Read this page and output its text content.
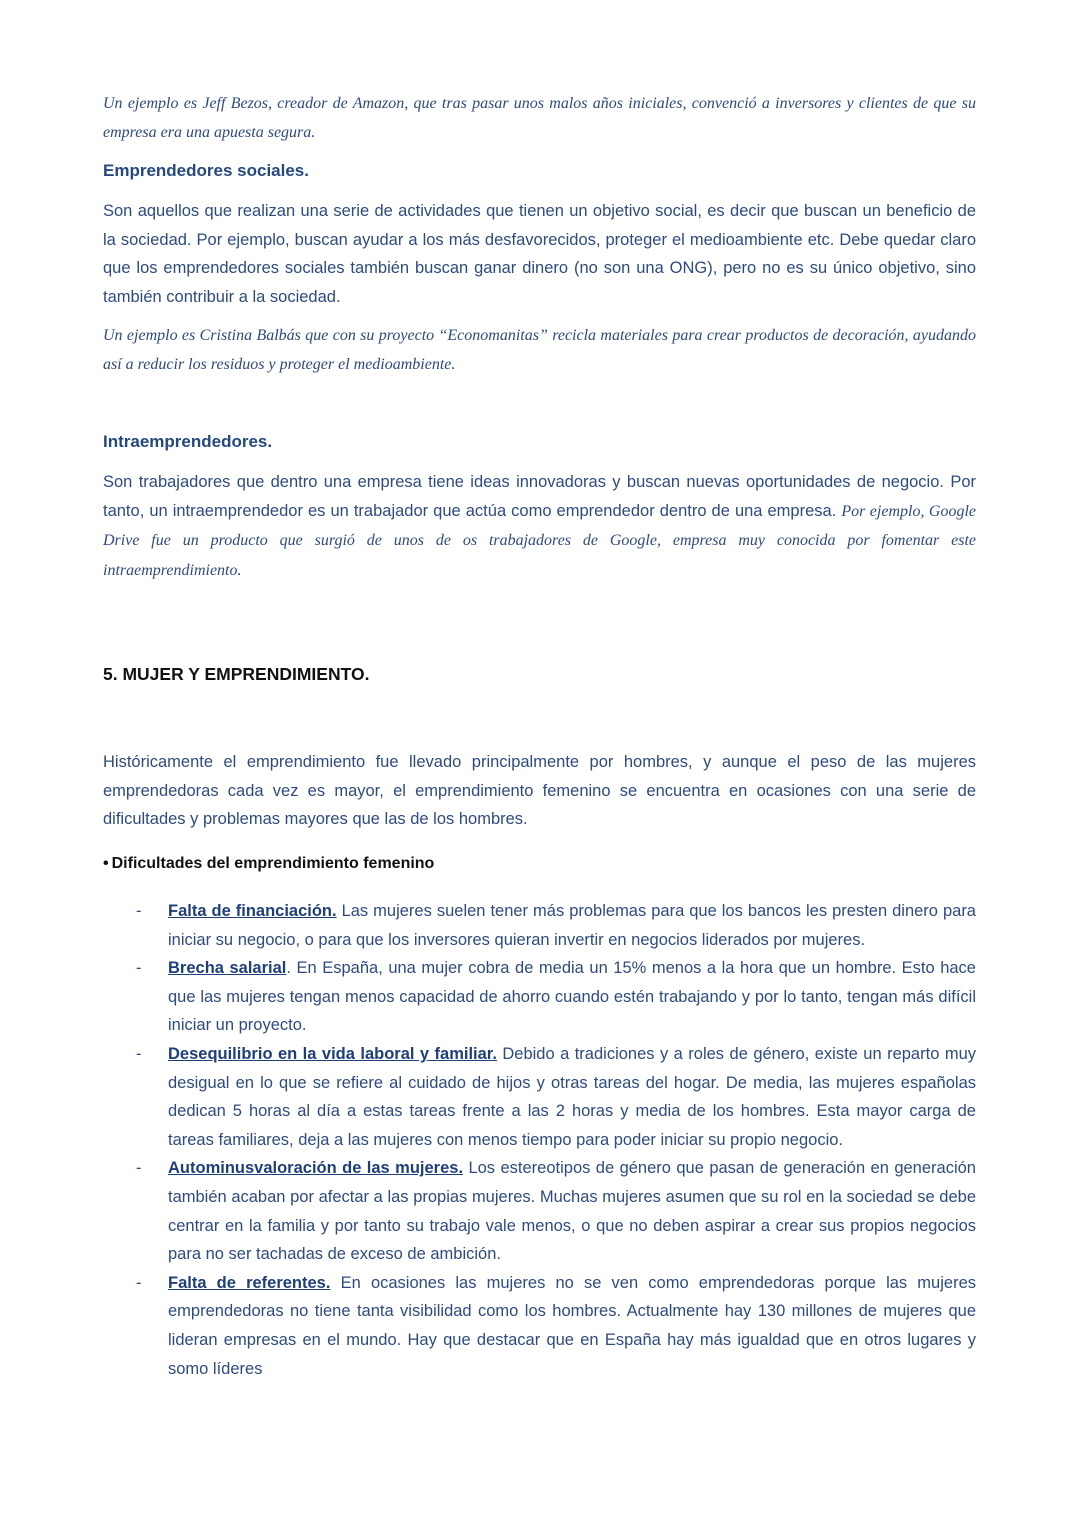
Un ejemplo es Jeff Bezos, creador de Amazon, que tras pasar unos malos años iniciales, convenció a inversores y clientes de que su empresa era una apuesta segura.

Emprendedores sociales.

Son aquellos que realizan una serie de actividades que tienen un objetivo social, es decir que buscan un beneficio de la sociedad. Por ejemplo, buscan ayudar a los más desfavorecidos, proteger el medioambiente etc. Debe quedar claro que los emprendedores sociales también buscan ganar dinero (no son una ONG), pero no es su único objetivo, sino también contribuir a la sociedad.

Un ejemplo es Cristina Balbás que con su proyecto “Economanitas” recicla materiales para crear productos de decoración, ayudando así a reducir los residuos y proteger el medioambiente.

Intraemprendedores.

Son trabajadores que dentro una empresa tiene ideas innovadoras y buscan nuevas oportunidades de negocio. Por tanto, un intraemprendedor es un trabajador que actúa como emprendedor dentro de una empresa. Por ejemplo, Google Drive fue un producto que surgió de unos de os trabajadores de Google, empresa muy conocida por fomentar este intraemprendimiento.

5. MUJER Y EMPRENDIMIENTO.

Históricamente el emprendimiento fue llevado principalmente por hombres, y aunque el peso de las mujeres emprendedoras cada vez es mayor, el emprendimiento femenino se encuentra en ocasiones con una serie de dificultades y problemas mayores que las de los hombres.

• Dificultades del emprendimiento femenino
- Falta de financiación. Las mujeres suelen tener más problemas para que los bancos les presten dinero para iniciar su negocio, o para que los inversores quieran invertir en negocios liderados por mujeres.
- Brecha salarial. En España, una mujer cobra de media un 15% menos a la hora que un hombre. Esto hace que las mujeres tengan menos capacidad de ahorro cuando estén trabajando y por lo tanto, tengan más difícil iniciar un proyecto.
- Desequilibrio en la vida laboral y familiar. Debido a tradiciones y a roles de género, existe un reparto muy desigual en lo que se refiere al cuidado de hijos y otras tareas del hogar. De media, las mujeres españolas dedican 5 horas al día a estas tareas frente a las 2 horas y media de los hombres. Esta mayor carga de tareas familiares, deja a las mujeres con menos tiempo para poder iniciar su propio negocio.
- Autominusvaloración de las mujeres. Los estereotipos de género que pasan de generación en generación también acaban por afectar a las propias mujeres. Muchas mujeres asumen que su rol en la sociedad se debe centrar en la familia y por tanto su trabajo vale menos, o que no deben aspirar a crear sus propios negocios para no ser tachadas de exceso de ambición.
- Falta de referentes. En ocasiones las mujeres no se ven como emprendedoras porque las mujeres emprendedoras no tiene tanta visibilidad como los hombres. Actualmente hay 130 millones de mujeres que lideran empresas en el mundo. Hay que destacar que en España hay más igualdad que en otros lugares y somo líderes
